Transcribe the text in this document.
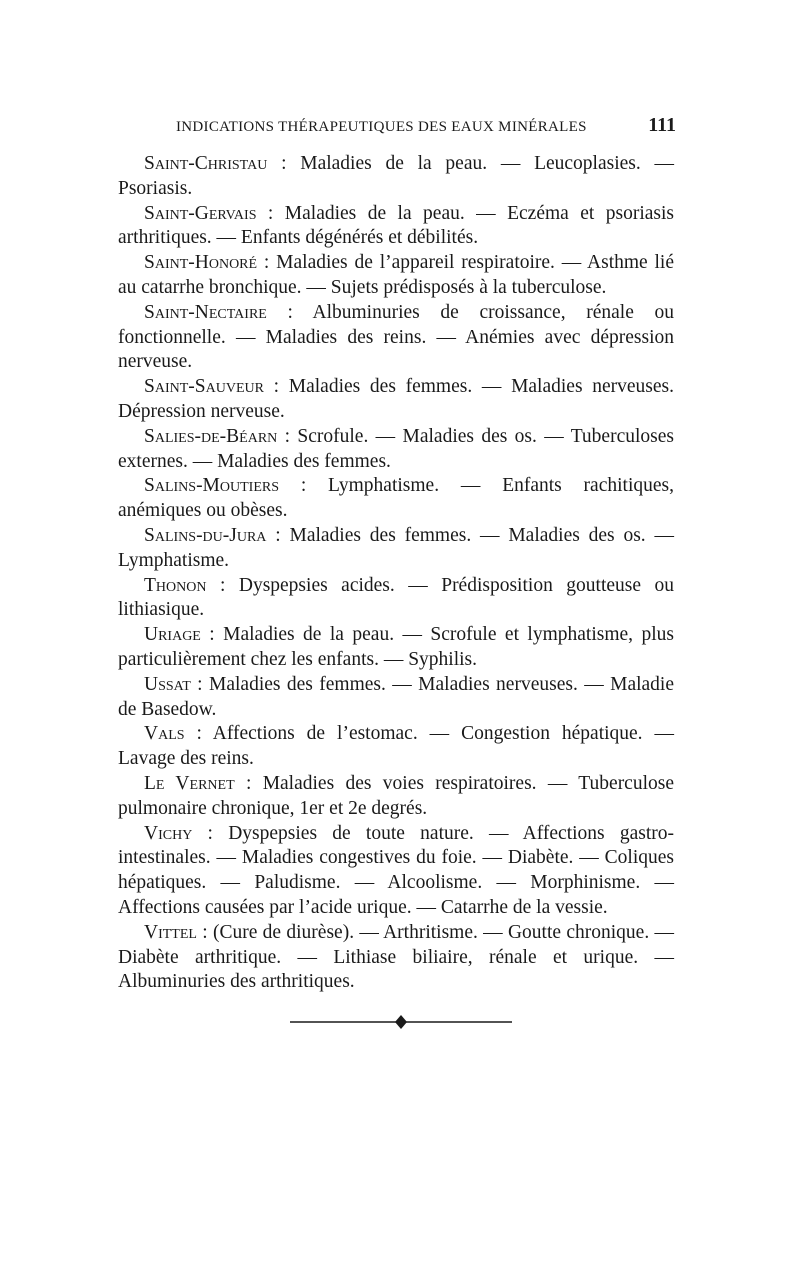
INDICATIONS THÉRAPEUTIQUES DES EAUX MINÉRALES	111

Saint-Christau : Maladies de la peau. — Leucoplasies. — Psoriasis.

Saint-Gervais : Maladies de la peau. — Eczéma et psoriasis arthritiques. — Enfants dégénérés et débilités.

Saint-Honoré : Maladies de l’appareil respiratoire. — Asthme lié au catarrhe bronchique. — Sujets prédisposés à la tuberculose.

Saint-Nectaire : Albuminuries de croissance, rénale ou fonctionnelle. — Maladies des reins. — Anémies avec dépression nerveuse.

Saint-Sauveur : Maladies des femmes. — Maladies nerveuses. Dépression nerveuse.

Salies-de-Béarn : Scrofule. — Maladies des os. — Tuberculoses externes. — Maladies des femmes.

Salins-Moutiers : Lymphatisme. — Enfants rachitiques, anémiques ou obèses.

Salins-du-Jura : Maladies des femmes. — Maladies des os. — Lymphatisme.

Thonon : Dyspepsies acides. — Prédisposition goutteuse ou lithiasique.

Uriage : Maladies de la peau. — Scrofule et lymphatisme, plus particulièrement chez les enfants. — Syphilis.

Ussat : Maladies des femmes. — Maladies nerveuses. — Maladie de Basedow.

Vals : Affections de l’estomac. — Congestion hépatique. — Lavage des reins.

Le Vernet : Maladies des voies respiratoires. — Tuberculose pulmonaire chronique, 1er et 2e degrés.

Vichy : Dyspepsies de toute nature. — Affections gastro-intestinales. — Maladies congestives du foie. — Diabète. — Coliques hépatiques. — Paludisme. — Alcoolisme. — Morphinisme. — Affections causées par l’acide urique. — Catarrhe de la vessie.

Vittel : (Cure de diurèse). — Arthritisme. — Goutte chronique. — Diabète arthritique. — Lithiase biliaire, rénale et urique. — Albuminuries des arthritiques.
